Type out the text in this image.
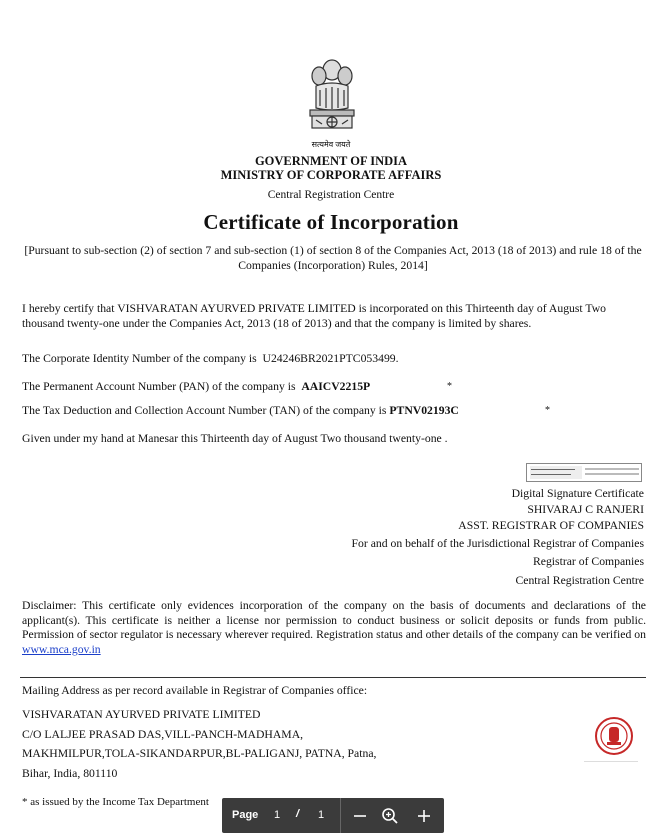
सत्यमेव जयते
GOVERNMENT OF INDIA
MINISTRY OF CORPORATE AFFAIRS
Central Registration Centre
Certificate of Incorporation
[Pursuant to sub-section (2) of section 7 and sub-section (1) of section 8 of the Companies Act, 2013 (18 of 2013) and rule 18 of the Companies (Incorporation) Rules, 2014]
I hereby certify that VISHVARATAN AYURVED PRIVATE LIMITED is incorporated on this Thirteenth day of August Two thousand twenty-one under the Companies Act, 2013 (18 of 2013) and that the company is limited by shares.
The Corporate Identity Number of the company is U24246BR2021PTC053499.
The Permanent Account Number (PAN) of the company is AAICV2215P	*
The Tax Deduction and Collection Account Number (TAN) of the company is PTNV02193C	*
Given under my hand at Manesar this Thirteenth day of August Two thousand twenty-one .
Digital Signature Certificate
SHIVARAJ C RANJERI
ASST. REGISTRAR OF COMPANIES
For and on behalf of the Jurisdictional Registrar of Companies
Registrar of Companies
Central Registration Centre
Disclaimer: This certificate only evidences incorporation of the company on the basis of documents and declarations of the applicant(s). This certificate is neither a license nor permission to conduct business or solicit deposits or funds from public. Permission of sector regulator is necessary wherever required. Registration status and other details of the company can be verified on www.mca.gov.in
Mailing Address as per record available in Registrar of Companies office:
VISHVARATAN AYURVED PRIVATE LIMITED
C/O LALJEE PRASAD DAS,VILL-PANCH-MADHAMA,
MAKHMILPUR,TOLA-SIKANDARPUR,BL-PALIGANJ, PATNA, Patna,
Bihar, India, 801110
* as issued by the Income Tax Department
Page 1 / 1
